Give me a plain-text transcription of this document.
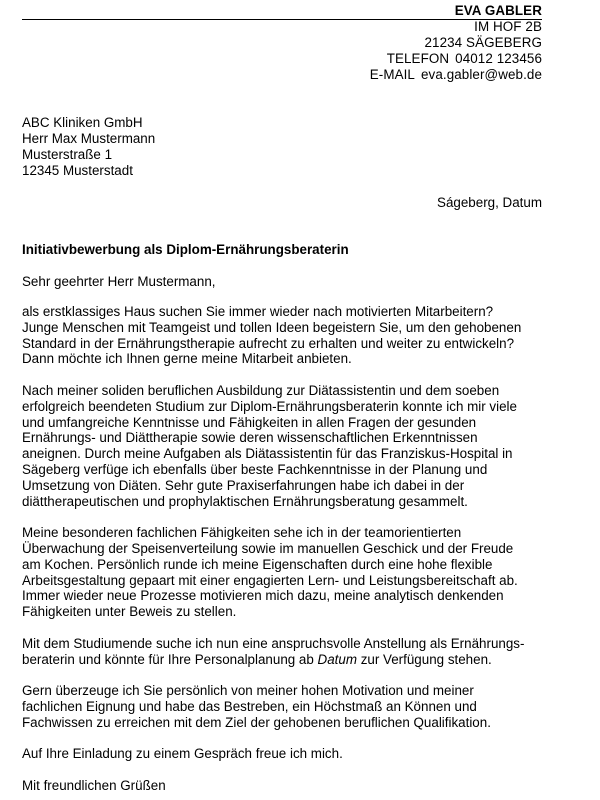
EVA GABLER
IM HOF 2B
21234 SÄGEBERG
TELEFON 04012 123456
E-MAIL eva.gabler@web.de
ABC Kliniken GmbH
Herr Max Mustermann
Musterstraße 1
12345 Musterstadt
Ságeberg, Datum
Initiativbewerbung als Diplom-Ernährungsberaterin
Sehr geehrter Herr Mustermann,

als erstklassiges Haus suchen Sie immer wieder nach motivierten Mitarbeitern?
Junge Menschen mit Teamgeist und tollen Ideen begeistern Sie, um den gehobenen
Standard in der Ernährungstherapie aufrecht zu erhalten und weiter zu entwickeln?
Dann möchte ich Ihnen gerne meine Mitarbeit anbieten.

Nach meiner soliden beruflichen Ausbildung zur Diätassistentin und dem soeben
erfolgreich beendeten Studium zur Diplom-Ernährungsberaterin konnte ich mir viele
und umfangreiche Kenntnisse und Fähigkeiten in allen Fragen der gesunden
Ernährungs- und Diättherapie sowie deren wissenschaftlichen Erkenntnissen
aneignen. Durch meine Aufgaben als Diätassistentin für das Franziskus-Hospital in
Sägeberg verfüge ich ebenfalls über beste Fachkenntnisse in der Planung und
Umsetzung von Diäten. Sehr gute Praxiserfahrungen habe ich dabei in der
diättherapeutischen und prophylaktischen Ernährungsberatung gesammelt.

Meine besonderen fachlichen Fähigkeiten sehe ich in der teamorientierten
Überwachung der Speisenverteilung sowie im manuellen Geschick und der Freude
am Kochen. Persönlich runde ich meine Eigenschaften durch eine hohe flexible
Arbeitsgestaltung gepaart mit einer engagierten Lern- und Leistungsbereitschaft ab.
Immer wieder neue Prozesse motivieren mich dazu, meine analytisch denkenden
Fähigkeiten unter Beweis zu stellen.

Mit dem Studiumende suche ich nun eine anspruchsvolle Anstellung als Ernährungs-
beraterin und könnte für Ihre Personalplanung ab Datum zur Verfügung stehen.

Gern überzeuge ich Sie persönlich von meiner hohen Motivation und meiner
fachlichen Eignung und habe das Bestreben, ein Höchstmaß an Können und
Fachwissen zu erreichen mit dem Ziel der gehobenen beruflichen Qualifikation.

Auf Ihre Einladung zu einem Gespräch freue ich mich.

Mit freundlichen Grüßen
